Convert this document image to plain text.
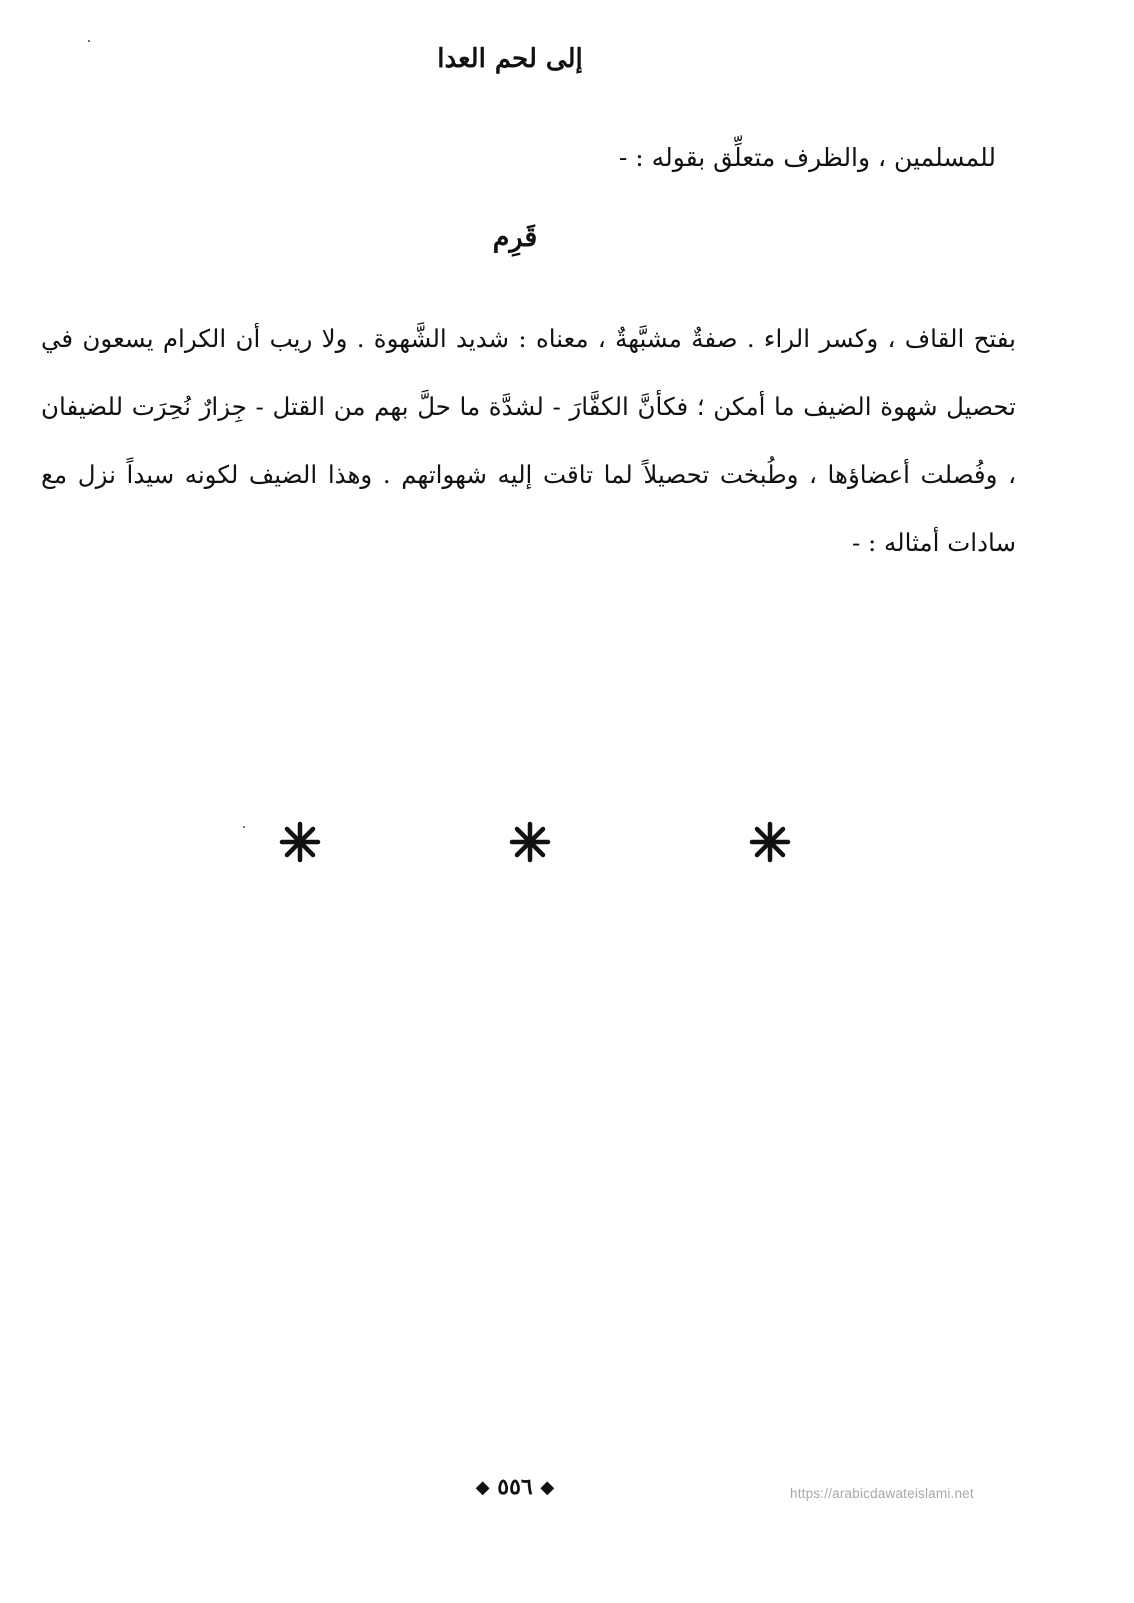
إلى لحم العدا
للمسلمين ، والظرف متعلِّق بقوله : -
قَرِم
بفتح القاف ، وكسر الراء . صفةٌ مشبَّهةٌ ، معناه : شديد الشَّهوة . ولا ريب أن الكرام يسعون في تحصيل شهوة الضيف ما أمكن ؛ فكأنَّ الكفَّارَ - لشدَّة ما حلَّ بهم من القتل - جِزارٌ نُحِرَت للضيفان ، وفُصلت أعضاؤها ، وطُبخت تحصيلاً لما تاقت إليه شهواتهم . وهذا الضيف لكونه سيداً نزل مع سادات أمثاله : -
◆ ٥٥٦ ◆	https://arabicdawateislami.net
